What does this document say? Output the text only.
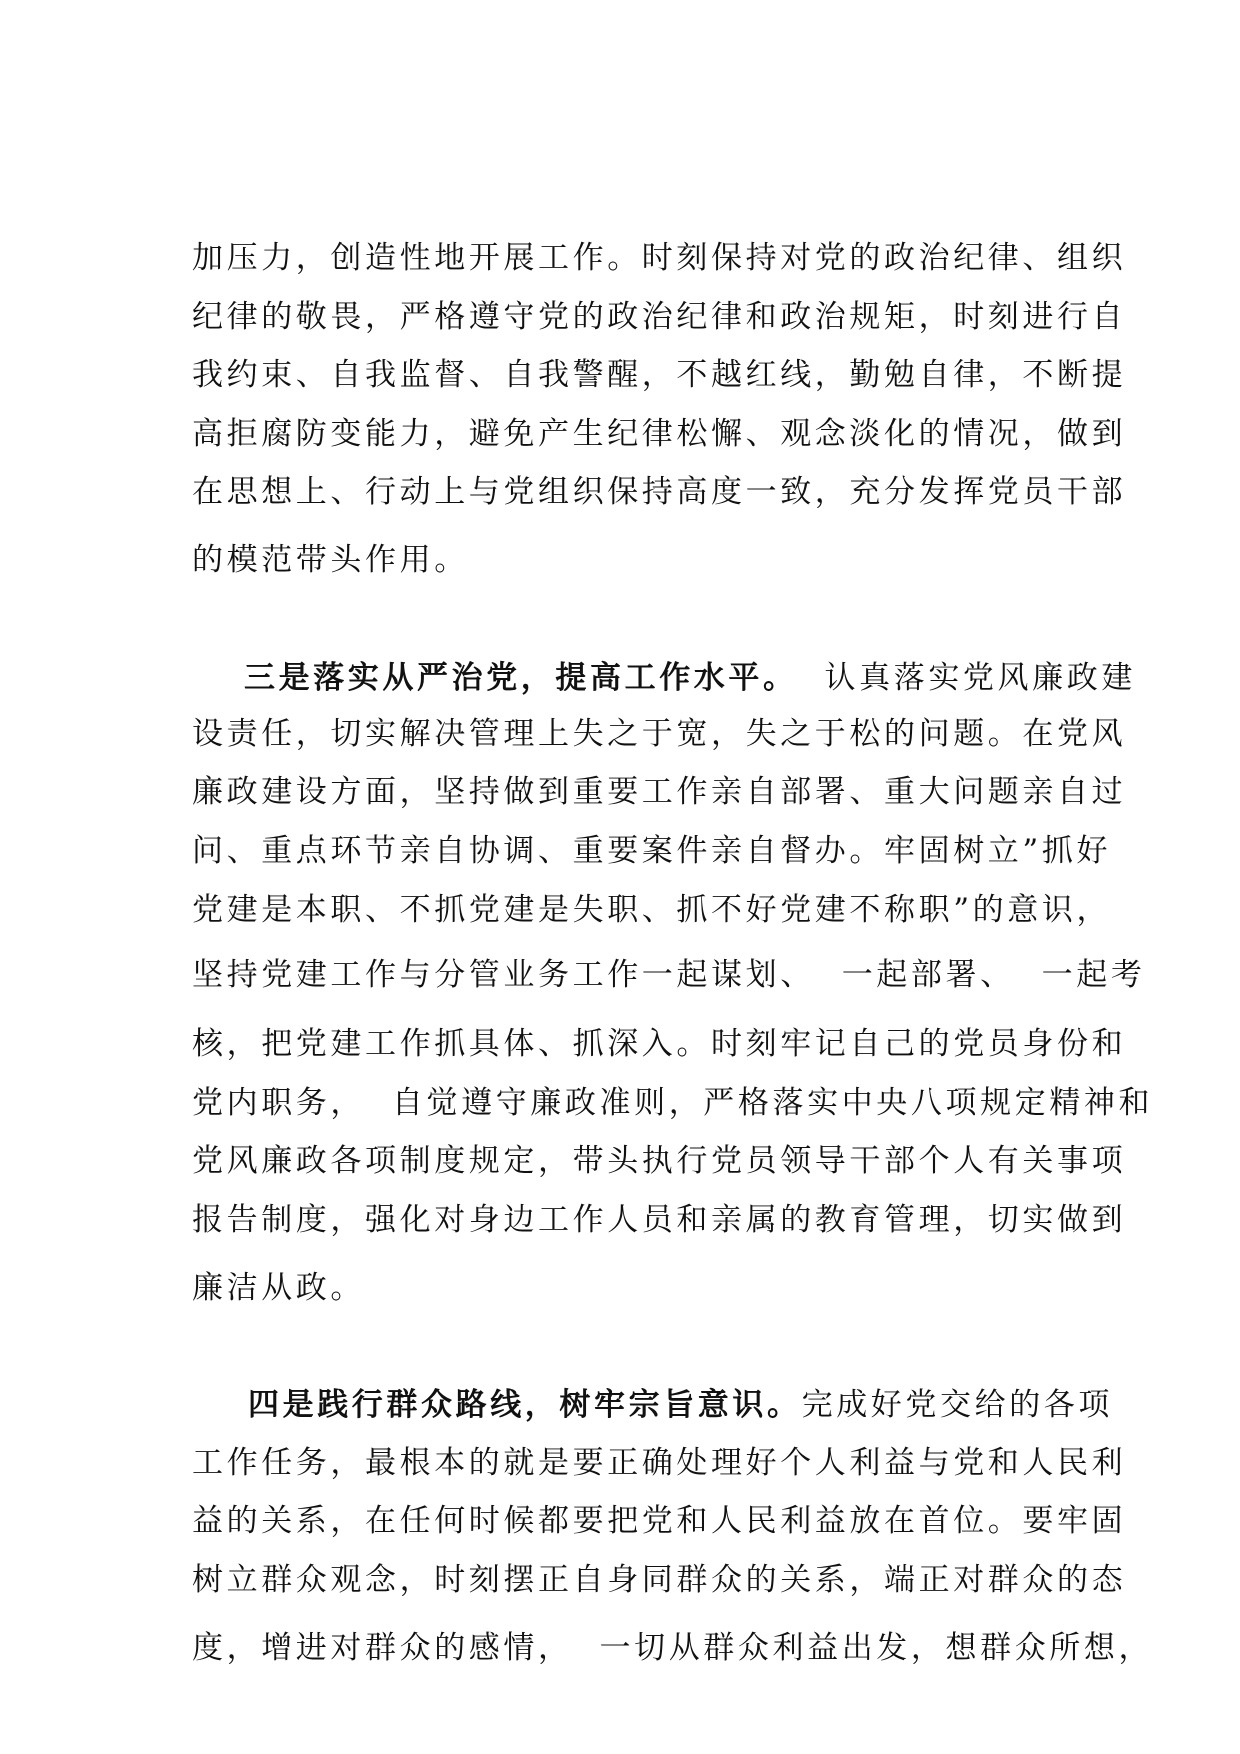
加压力，创造性地开展工作。时刻保持对党的政治纪律、组织
纪律的敬畏，严格遵守党的政治纪律和政治规矩，时刻进行自
我约束、自我监督、自我警醒，不越红线，勤勉自律，不断提
高拒腐防变能力，避免产生纪律松懈、观念淡化的情况，做到
在思想上、行动上与党组织保持高度一致，充分发挥党员干部
的模范带头作用。
三是落实从严治党，提高工作水平。  认真落实党风廉政建
设责任，切实解决管理上失之于宽，失之于松的问题。在党风
廉政建设方面，坚持做到重要工作亲自部署、重大问题亲自过
问、重点环节亲自协调、重要案件亲自督办。牢固树立”抓好
党建是本职、不抓党建是失职、抓不好党建不称职”的意识，
坚持党建工作与分管业务工作一起谋划、  一起部署、  一起考
核，把党建工作抓具体、抓深入。时刻牢记自己的党员身份和
党内职务，  自觉遵守廉政准则，严格落实中央八项规定精神和
党风廉政各项制度规定，带头执行党员领导干部个人有关事项
报告制度，强化对身边工作人员和亲属的教育管理，切实做到
廉洁从政。
四是践行群众路线，树牢宗旨意识。完成好党交给的各项
工作任务，最根本的就是要正确处理好个人利益与党和人民利
益的关系，在任何时候都要把党和人民利益放在首位。要牢固
树立群众观念，时刻摆正自身同群众的关系，端正对群众的态
度，增进对群众的感情，  一切从群众利益出发，想群众所想，
